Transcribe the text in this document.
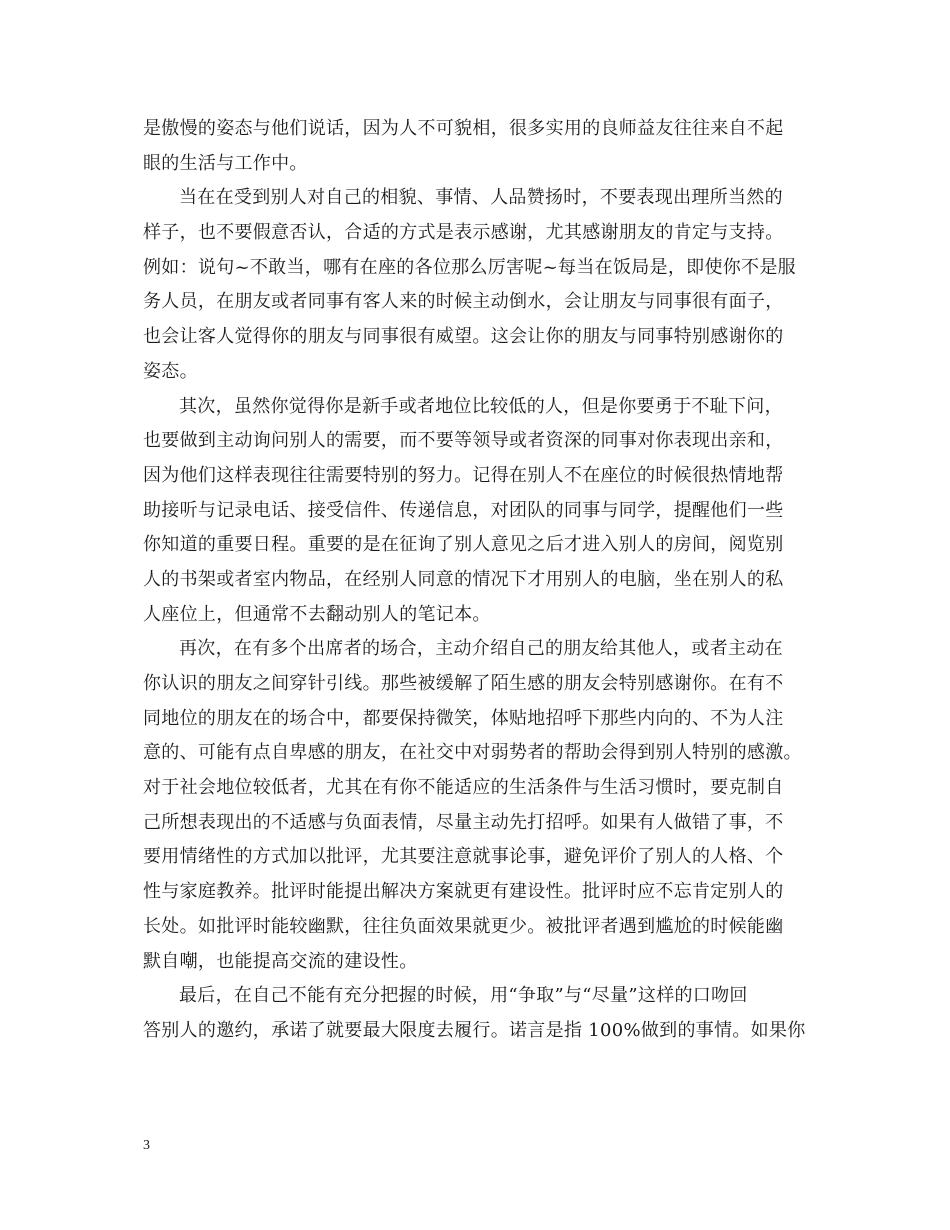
是傲慢的姿态与他们说话，因为人不可貌相，很多实用的良师益友往往来自不起
眼的生活与工作中。
当在在受到别人对自己的相貌、事情、人品赞扬时，不要表现出理所当然的
样子，也不要假意否认，合适的方式是表示感谢，尤其感谢朋友的肯定与支持。
例如：说句~不敢当，哪有在座的各位那么厉害呢~每当在饭局是，即使你不是服
务人员，在朋友或者同事有客人来的时候主动倒水，会让朋友与同事很有面子，
也会让客人觉得你的朋友与同事很有威望。这会让你的朋友与同事特别感谢你的
姿态。
其次，虽然你觉得你是新手或者地位比较低的人，但是你要勇于不耻下问，
也要做到主动询问别人的需要，而不要等领导或者资深的同事对你表现出亲和，
因为他们这样表现往往需要特别的努力。记得在别人不在座位的时候很热情地帮
助接听与记录电话、接受信件、传递信息，对团队的同事与同学，提醒他们一些
你知道的重要日程。重要的是在征询了别人意见之后才进入别人的房间，阅览别
人的书架或者室内物品，在经别人同意的情况下才用别人的电脑，坐在别人的私
人座位上，但通常不去翻动别人的笔记本。
再次，在有多个出席者的场合，主动介绍自己的朋友给其他人，或者主动在
你认识的朋友之间穿针引线。那些被缓解了陌生感的朋友会特别感谢你。在有不
同地位的朋友在的场合中，都要保持微笑，体贴地招呼下那些内向的、不为人注
意的、可能有点自卑感的朋友，在社交中对弱势者的帮助会得到别人特别的感激。
对于社会地位较低者，尤其在有你不能适应的生活条件与生活习惯时，要克制自
己所想表现出的不适感与负面表情，尽量主动先打招呼。如果有人做错了事，不
要用情绪性的方式加以批评，尤其要注意就事论事，避免评价了别人的人格、个
性与家庭教养。批评时能提出解决方案就更有建设性。批评时应不忘肯定别人的
长处。如批评时能较幽默，往往负面效果就更少。被批评者遇到尴尬的时候能幽
默自嘲，也能提高交流的建设性。
最后，在自己不能有充分把握的时候，用“争取”与“尽量”这样的口吻回
答别人的邀约，承诺了就要最大限度去履行。诺言是指 100%做到的事情。如果你
3
